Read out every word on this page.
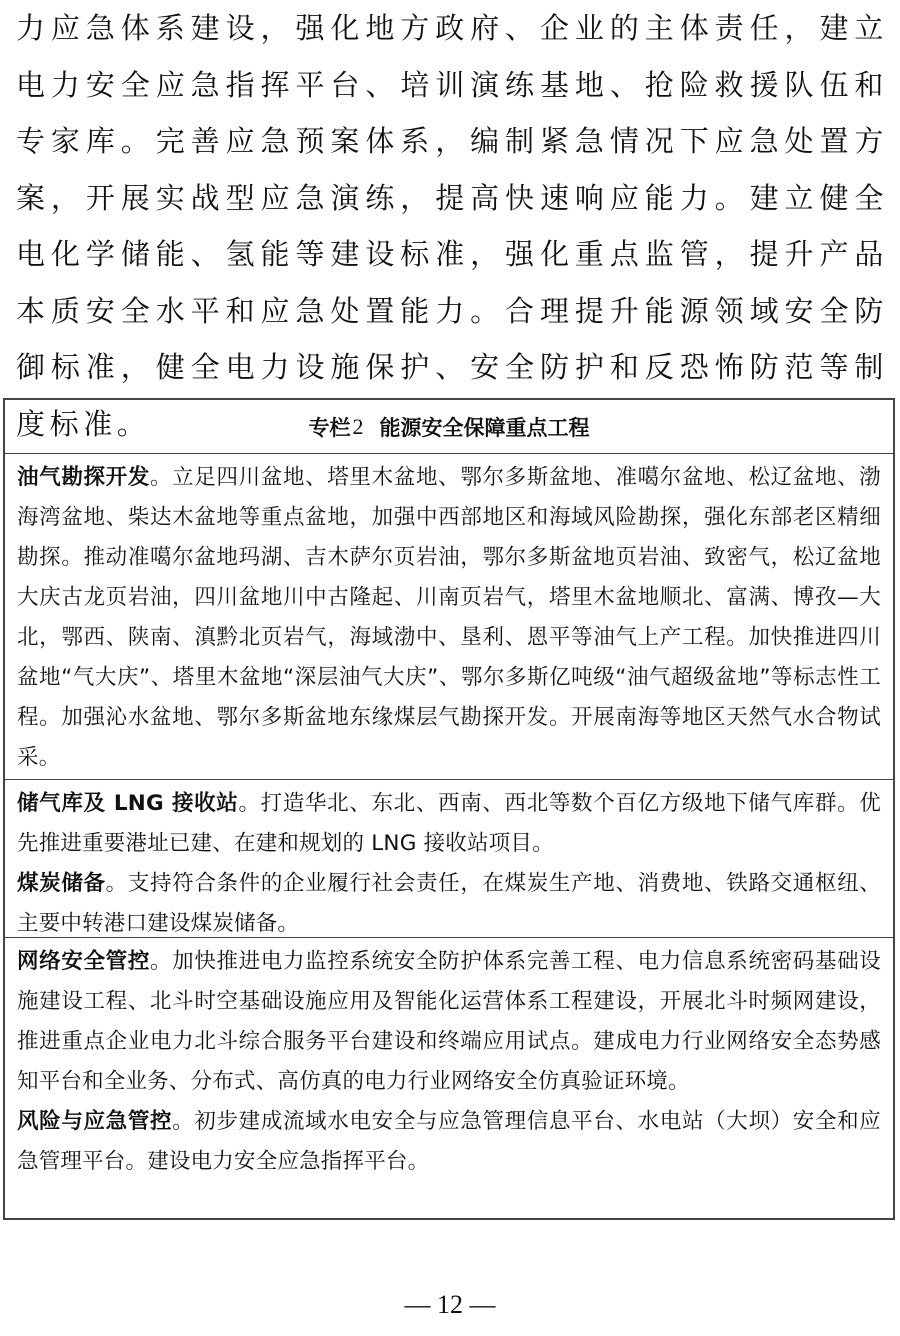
力应急体系建设，强化地方政府、企业的主体责任，建立电力安全应急指挥平台、培训演练基地、抢险救援队伍和专家库。完善应急预案体系，编制紧急情况下应急处置方案，开展实战型应急演练，提高快速响应能力。建立健全电化学储能、氢能等建设标准，强化重点监管，提升产品本质安全水平和应急处置能力。合理提升能源领域安全防御标准，健全电力设施保护、安全防护和反恐怖防范等制度标准。	专栏 2 能源安全保障重点工程

油气勘探开发。立足四川盆地、塔里木盆地、鄂尔多斯盆地、准噶尔盆地、松辽盆地、渤海湾盆地、柴达木盆地等重点盆地，加强中西部地区和海域风险勘探，强化东部老区精细勘探。推动准噶尔盆地玛湖、吉木萨尔页岩油，鄂尔多斯盆地页岩油、致密气，松辽盆地大庆古龙页岩油，四川盆地川中古隆起、川南页岩气，塔里木盆地顺北、富满、博孜—大北，鄂西、陕南、滇黔北页岩气，海域渤中、垦利、恩平等油气上产工程。加快推进四川盆地“气大庆”、塔里木盆地“深层油气大庆”、鄂尔多斯亿吨级“油气超级盆地”等标志性工程。加强沁水盆地、鄂尔多斯盆地东缘煤层气勘探开发。开展南海等地区天然气水合物试采。

储气库及 LNG 接收站。打造华北、东北、西南、西北等数个百亿方级地下储气库群。优先推进重要港址已建、在建和规划的 LNG 接收站项目。

煤炭储备。支持符合条件的企业履行社会责任，在煤炭生产地、消费地、铁路交通枢纽、主要中转港口建设煤炭储备。

网络安全管控。加快推进电力监控系统安全防护体系完善工程、电力信息系统密码基础设施建设工程、北斗时空基础设施应用及智能化运营体系工程建设，开展北斗时频网建设，推进重点企业电力北斗综合服务平台建设和终端应用试点。建成电力行业网络安全态势感知平台和全业务、分布式、高仿真的电力行业网络安全仿真验证环境。

风险与应急管控。初步建成流域水电安全与应急管理信息平台、水电站（大坝）安全和应急管理平台。建设电力安全应急指挥平台。

— 12 —
